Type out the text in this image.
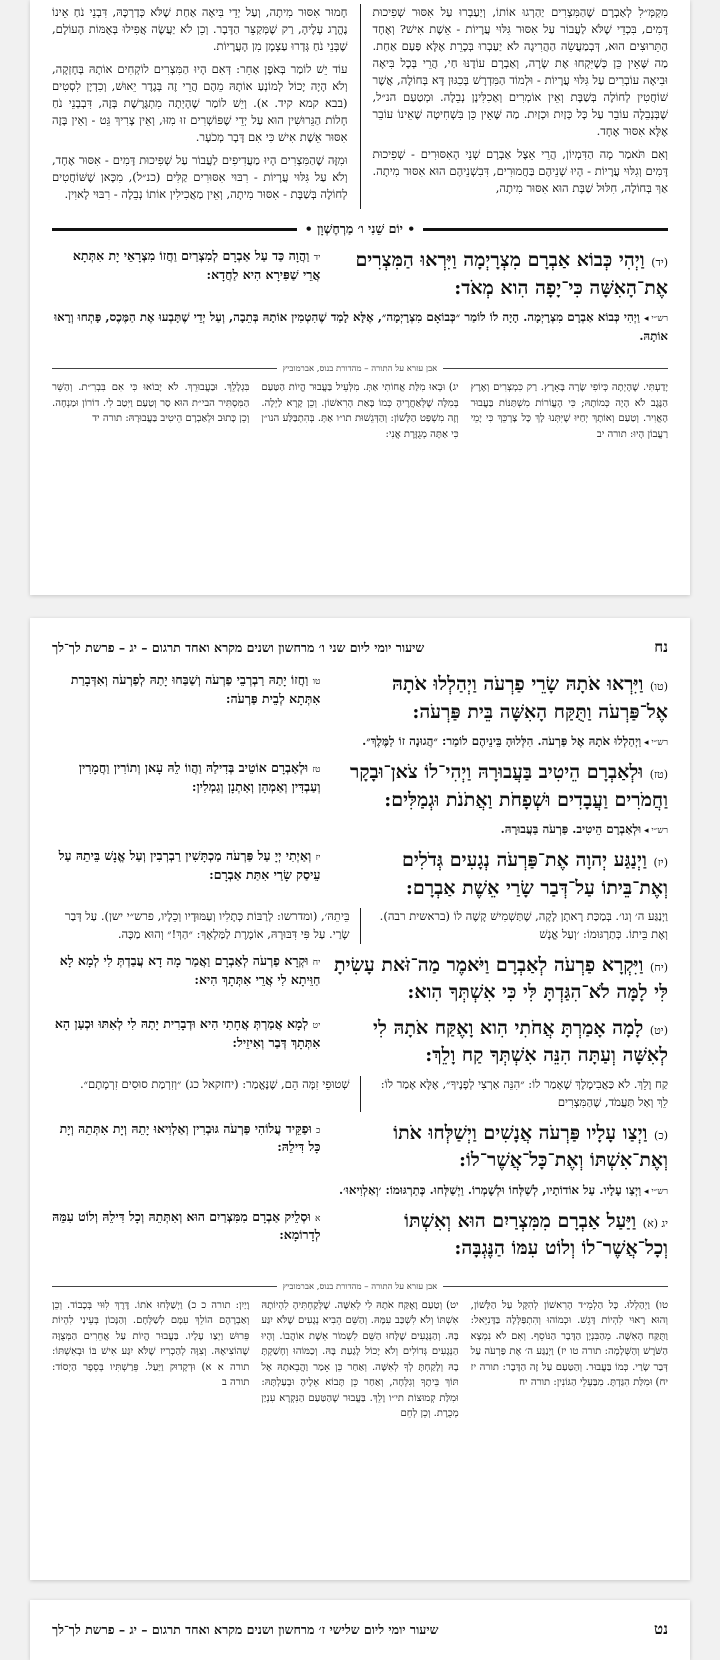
מִקְמְּ״לִ לְאַבְרָם שֶׁהַמִּצְרִים יַהַרְגוּ אוֹתוֹ, וְיַעַבְרוּ עַל אִסּוּר שְׁפִיכוּת דָּמִים, בִּכְדֵי שֶׁלֹּא לַעֲבוֹר עַל אִסּוּר גִּלּוּי עֲרָיוֹת - אֵשֶׁת אִישׁ? וְאֶחָד הַתֵּרוּצִים הוּא, דְּבְמַעֲשֵׂה הַהֲרִיגָה לֹא יַעַבְרוּ בְּכָרֵת אֶלָּא פַּעַם אַחַת. מַה שֶּׁאֵין כֵּן כְּשֶׁיִּקְחוּ אֶת שָׂרָה, וְאַבְרָם עוֹדֶנּוּ חַי, הֲרֵי בְּכָל בִּיאָה וּבִיאָה עוֹבְרִים עַל גִּלּוּי עֲרָיוֹת - וּלְמוֹד הַמִּדְרָשׁ בְּכִגּוּן דָּא בְּחוֹלֶה, אֲשֶׁר שׁוֹחֲטִין לְחוֹלֶה בְּשַׁבָּת וְאֵין אוֹמְרִים וְאַכִלִּינָן נְבֵלָה. וּמְטַעַם הנ״ל, שֶׁבְּנְבֵלָה עוֹבֵר עַל כָּל כְּזַיִת וּכְזַיִת. מַה שֶּׁאֵין כֵּן בִּשְׁחִיטָה שֶׁאֵינוֹ עוֹבֵר אֶלָּא אִסּוּר אֶחָד.

וְאִם תֹּאמַר מָה הַדִּמְיוֹן, הֲרֵי אֵצֶל אַבְרָם שְׁנֵי הָאִסּוּרִים - שְׁפִיכוּת דָּמִים וְגִלּוּי עֲרָיוֹת - הָיוּ שְׁנֵיהֶם בַּחֲמוּרִים, דִּבִשְׁנֵיהֶם הוּא אִסּוּר מִיתָה. אַךְ בְּחוֹלֶה, חִלּוּל שַׁבָּת הוּא אִסּוּר מִיתָה,

חָמוּר אִסּוּר מִיתָה, וְעַל יְדֵי בִּיאָה אַחַת שֶׁלֹּא כְּדַרְכָּהּ, דִּבְנֵי נֹחַ אֵינוֹ נֶהֱרָג עָלֶיהָ, רַק שֶׁמְּקַצֵּר הַדָּבָר. וְכֵן לֹא יַעֲשֶׂה אֲפִילוּ בְּאֻמּוֹת הָעוֹלָם, שֶׁבְּנֵי נֹחַ גְּדְרוּ עַצְמָן מִן הָעֲרָיוֹת.

עוֹד יֵשׁ לוֹמַר בְּאֹפֶן אַחֵר: דְּאִם הָיוּ הַמִּצְרִים לוֹקְחִים אוֹתָהּ בְּחָזְקָה, וְלֹא הָיָה יָכוֹל לְמוֹנְעַ אוֹתָהּ מֵהֶם הֲרֵי זֶה בְּגֶדֶר יֵאוּשׁ, וְכִדְיָן לִסְטִים (בבא קמא קיד. א). וְיֵשׁ לוֹמַר שֶׁהָיְתָה מִתְגָּרֶשֶׁת בְּזֶה, דִּבְבְנֵי נֹחַ חָלוֹת הַגֵּרוּשִׁין הוּא עַל יְדֵי שֶׁפּוֹשְׁרִים זוּ מִזּוּ, וְאֵין צָרִיךְ גֵּט - וְאֵין בָּזֶה אִסּוּר אֵשֶׁת אִישׁ כִּי אִם דָּבָר מְכֹעָר.

וּמִזֶּה שֶׁהַמִּצְרִים הָיוּ מַעֲדִיפִים לַעֲבוֹר עַל שְׁפִיכוּת דָּמִים - אִסּוּר אֶחָד, וְלֹא עַל גִּלּוּי עֲרָיוֹת - רִבּוּי אִסּוּרִים קַלִּים (כנ״ל), מִכָּאן שֶׁשּׁוֹחֲטִים לְחוֹלֶה בְּשַׁבָּת - אִסּוּר מִיתָה, וְאֵין מַאֲכִילִין אוֹתוֹ נְבֵלָה - רִבּוּי לָאוִין.

• יוֹם שֵׁנִי ו׳ מַרְחֶשְׁוָן •
(יד) וַיְהִי כְּבוֹא אַבְרָם מִצְרָיְמָה וַיִּרְאוּ הַמִּצְרִים אֶת־הָאִשָּׁה כִּי־יָפָה הִוא מְאֹד:
יד וַהֲוָה כַּד עַל אַבְרָם לְמִצְרַיִם וַחֲזוֹ מִצְרָאֵי יָת אִתְּתָא אֲרֵי שַׁפִּירָא הִיא לַחֲדָא:
רש״י ◂ וַיְהִי כְּבוֹא אַבְרָם מִצְרָיְמָה. הָיָה לוֹ לוֹמַר ״כְּבוֹאָם מִצְרָיְמָה״, אֶלָּא לָמַד שֶׁהִטְמִין אוֹתָהּ בְּתֵבָה, וְעַל יְדֵי שֶׁתָּבְעוּ אֶת הַמֶּכֶס, פָּתְחוּ וְרָאוּ אוֹתָהּ.
אבן עזרא על התורה – מהדורת בנוס, אברמוביץ
יָדַעְתִּי. שֶׁהָיְתָה כְּיוֹפִי שָׂרָה בָּאָרֶץ. רַק כִּמְצְרִים וְאֶרֶץ הַנֶּגֶב לֹא הָיָה כְּמוֹתָהּ; כִּי הָעֲוֹרוֹת מִשְׁתַּנּוֹת בַּעֲבוּר הָאֲוִיר. וְטַעַם וְאוֹתָךְ יְחַיּוּ שֶׁיִּתְּנוּ לָךְ כָּל צָרְכֵּךְ כִּי יָמֵי רַעֲבוֹן הָיוּ: תורה יב
יג) וּבְאוּ מִלַּת אֲחוֹתִי אַתְּ. מִלְּעֵיל בַּעֲבוּר הֱיוֹת הַטַּעַם בְּמִלָּה שֶׁלְּאַחֲרֶיהָ כְּמוֹ בָּאַת הָרִאשׁוֹן. וְכֵן קָרָא לַיְלָה. וְזֶה מִשְׁפַּט הַלָּשׁוֹן: וְהַדְּגֵשׁוּת תו״ו אַתְּ. בְּהִתְבַּלַּע הנו״ן כִּי אַתָּה מְגֻזֶּרֶת אֲנִי:
בִּגְלָלֵךְ. וּבַעֲבוּרֵךְ. לֹא יָבוֹאוּ כִּי אִם בִּבְרִ״ת. וְהַשֵּׁר הַמִּסְתִּיר הבי״ת הוּא סַר וְטַעַם וַיִּטַב לִי. דוֹרוֹן וּמַנְחָה. וְכֵן כָּתוּב וּלְאַבְרָם הֵיטִיב בַּעֲבוּרָהּ: תורה יד
נח
שיעור יומי ליום שני ו׳ מרחשון ושנים מקרא ואחד תרגום – יג – פרשת לך־לך
(טו) וַיִּרְאוּ אֹתָהּ שָׂרֵי פַרְעֹה וַיְהַלְלוּ אֹתָהּ אֶל־פַּרְעֹה וַתֻּקַּח הָאִשָּׁה בֵּית פַּרְעֹה:
טו וַחֲזוֹ יָתַהּ רַבְרְבֵי פַרְעֹה וְשַׁבַּחוּ יָתַהּ לְפַרְעֹה וְאִדְּבָרַת אִתְּתָא לְבֵית פַּרְעֹה:
רש״י ◂ וַיְהַלְלוּ אֹתָהּ אֶל פַּרְעֹה. הִלְּלוּהָ בֵּינֵיהֶם לוֹמַר: ״הֲגוּנָה זוֹ לַמֶּלֶךְ״.
(טז) וּלְאַבְרָם הֵיטִיב בַּעֲבוּרָהּ וַיְהִי־לוֹ צֹאן־וּבָקָר וַחֲמֹרִים וַעֲבָדִים וּשְׁפָחֹת וַאֲתֹנֹת וּגְמַלִּים:
טז וּלְאַבְרָם אוֹטֵיב בְּדִילַהּ וַהֲווֹ לֵהּ עָאן וְתוֹרִין וַחֲמָרִין וְעַבְדִּין וְאַמְהָן וְאַתְנָן וְגַמְלִין:
רש״י ◂ וּלְאַבְרָם הֵיטִיב. פַּרְעֹה בַּעֲבוּרָהּ.
(יז) וַיְנַגַּע יְהוָה אֶת־פַּרְעֹה נְגָעִים גְּדֹלִים וְאֶת־בֵּיתוֹ עַל־דְּבַר שָׂרַי אֵשֶׁת אַבְרָם:
יז וְאַיְתִי יְיָ עַל פַּרְעֹה מַכְתָּשִׁין רַבְרְבִין וְעַל אֱנָשׁ בֵּיתֵהּ עַל עֵיסַק שָׂרַי אִתַּת אַבְרָם:
וַיְנַגַּע ה׳ וְגו׳. בְּמַכַּת רָאתָן לָקָה, שֶׁתַּשְׁמִישׁ קָשֶׁה לוֹ (בראשית רבה). וְאֶת בֵּיתוֹ. כְּתַרְגּוּמוֹ: ׳וְעַל אֱנָשׁ
בֵּיתֵהּ׳, (ומדרשו: לְרַבּוֹת כְּתָלִיו וְעַמּוּדָיו וְכֵלָיו, פרש״י ישן). עַל דְּבַר שָׂרַי. עַל פִּי דִּבּוּרָהּ, אוֹמֶרֶת לַמַּלְאָךְ: ״הַךְ!״ וְהוּא מַכֶּה.
(יח) וַיִּקְרָא פַרְעֹה לְאַבְרָם וַיֹּאמֶר מַה־זֹּאת עָשִׂיתָ לִּי לָמָּה לֹא־הִגַּדְתָּ לִּי כִּי אִשְׁתְּךָ הִוא:
יח וּקְרָא פַרְעֹה לְאַבְרָם וַאֲמַר מָה דָא עֲבַדְתְּ לִי לְמָא לָא חַוֵּיתָא לִי אֲרֵי אִתְּתָךְ הִיא:
(יט) לָמָה אָמַרְתָּ אֲחֹתִי הִוא וָאֶקַּח אֹתָהּ לִי לְאִשָּׁה וְעַתָּה הִנֵּה אִשְׁתְּךָ קַח וָלֵךְ:
יט לְמָא אֲמַרְתְּ אֲחָתִי הִיא וּדְבָרִית יָתַהּ לִי לְאִתּוּ וּכְעַן הָא אִתְּתָךְ דְּבַר וְאִיזֵיל:
קַח וָלֵךְ. לֹא כַּאֲבִימֶלֶךְ שֶׁאָמַר לוֹ: ״הִנֵּה אַרְצִי לְפָנֶיךָ״, אֶלָּא אָמַר לוֹ: לֵךְ וְאַל תַּעֲמֹד, שֶׁהַמִּצְרִים
שְׁטוּפֵי זִמָּה הֵם, שֶׁנֶּאֱמַר: (יחזקאל כג) ״וְזִרְמַת סוּסִים זִרְמָתָם״.
(כ) וַיְצַו עָלָיו פַּרְעֹה אֲנָשִׁים וַיְשַׁלְּחוּ אֹתוֹ וְאֶת־אִשְׁתּוֹ וְאֶת־כָּל־אֲשֶׁר־לוֹ:
כ וּפַקֵּיד עֲלוֹהִי פַּרְעֹה גּוּבְרִין וְאַלְוִיאוּ יָתֵהּ וְיָת אִתְּתֵהּ וְיָת כָּל דִּילֵהּ:
רש״י ◂ וַיְצַו עָלָיו. עַל אוֹדוֹתָיו, לְשַׁלְּחוֹ וּלְשָׁמְרוֹ. וַיְשַׁלְּחוּ. כְּתַרְגּוּמוֹ: ׳וְאַלְוִיאוּ׳.
יג (א) וַיַּעַל אַבְרָם מִמִּצְרַיִם הוּא וְאִשְׁתּוֹ וְכָל־אֲשֶׁר־לוֹ וְלוֹט עִמּוֹ הַנֶּגְבָּה:
א וּסְלֵיק אַבְרָם מִמִּצְרַיִם הוּא וְאִתְּתֵהּ וְכָל דִּילֵהּ וְלוֹט עִמֵּהּ לְדָרוֹמָא:
אבן עזרא על התורה – מהדורת בנוס, אברמוביץ
טו) וַיְהַלְלוּ. כָּל הַלְמֵ״ד הָרִאשׁוֹן לְהִקָּל עַל הַלָּשׁוֹן, וְהוּא רָאוּי לִהְיוֹת דָּגֵשׁ. וּכְמוֹהוּ וְהִתְפַּלְּלָה בַּדָּנִיֵּאל: וַתֻּקַּח הָאִשָּׁה. מֵהַבִּנְיָן הַדָּבָר הַנּוֹסֵף. וְאִם לֹא נִמְצָא הַשֹּׁרֶשׁ וְהַשְּׁלָמָה: תורה טו יז) וַיְנַגַּע ה׳ אֶת פַּרְעֹה עַל דְּבַר שָׂרַי. כְּמוֹ בַּעֲבוּר. וְהַטַּעַם עַל זֶה הַדָּבָר: תורה יז יח) וּמִלַּת הִגַּדְתָּ. מִבַּעְלֵי הַגּוֹנִין: תורה יח
יט) וְטַעַם וָאֶקַּח אֹתָהּ לִי לְאִשָּׁה. שֶׁלְּקַחְתִּיהָ לִהְיוֹתָהּ אִשְׁתּוֹ וְלֹא לִשְׁכַּב עִמָּהּ. וְהַשֵּׁם הֵבִיא נְגָעִים שֶׁלֹּא יִגַּע בָּהּ. וְהַנְּגָעִים שֶׁלָּחוּ הַשֵּׁם לִשְׁמוֹר אֵשֶׁת אוֹהֲבוֹ. וְהָיוּ הַנְּגָעִים גְּדוֹלִים וְלֹא יָכוֹל לָגַעַת בָּהּ. וְכַמּוֹהוּ וְחָשַׁקְתָּ בָהּ וְלָקַחְתָּ לְךָ לְאִשָּׁה. וְאַחַר כֵּן אָמַר וַהֲבֵאתָהּ אֶל תּוֹךְ בֵּיתֶךָ וְגִלְּחָה, וְאַחַר כֵּן תָּבוֹא אֵלֶיהָ וּבְעַלְתָּהּ: וּמִלַּת קְמוּצוֹת תי״ו וָלֵךְ. בַּעֲבוּר שֶׁהַטַּעַם הַנִּקְרָא עִנְיַן מְכֻרָת. וְכֵן לְחֵם
וָיַיִן: תורה כ כ) וַיְשַׁלְּחוּ אֹתוֹ. דֶּרֶךְ לִוּוּי בְּכָבוֹד. וְכֵן וְאַבְרָהָם הוֹלֵךְ עִמָּם לְשַׁלְּחָם. וְהַנָּכוֹן בְּעֵינַי לִהְיוֹת פֵּרוּשׁ וַיְצַו עָלָיו. בַּעֲבוּר הֱיוֹת עַל אֲחֵרִים הַמְּצֻוָּה שֶׁהוֹצִיאָהּ. וְצִוָּה לְהַכְרִיז שֶׁלֹּא יִגַּע אִישׁ בּוֹ וּבְאִשְׁתּוֹ: תורה א א) וּדְקָדוּק וַיַּעַל. פֵּרַשְׁתִּיו בְּסֵפֶר הַיְסוֹד: תורה ב
נט
שיעור יומי ליום שלישי ז׳ מרחשון ושנים מקרא ואחד תרגום – יג – פרשת לך־לך
